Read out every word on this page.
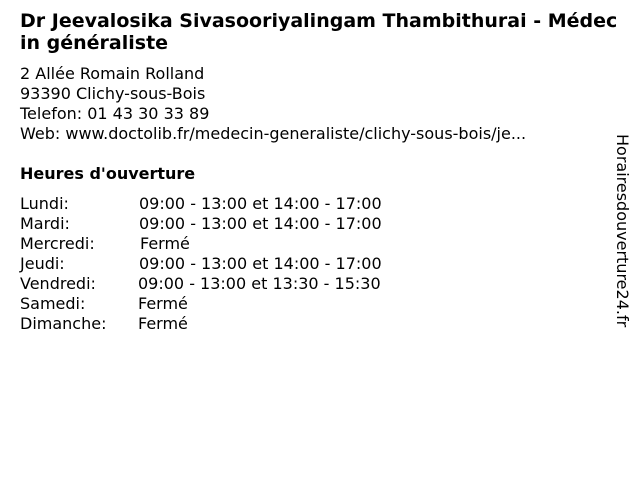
Dr Jeevalosika Sivasooriyalingam Thambithurai - Médecin généraliste
2 Allée Romain Rolland
93390 Clichy-sous-Bois
Telefon: 01 43 30 33 89
Web: www.doctolib.fr/medecin-generaliste/clichy-sous-bois/je...
Heures d'ouverture
Lundi:	09:00 - 13:00 et 14:00 - 17:00
Mardi:	09:00 - 13:00 et 14:00 - 17:00
Mercredi:	Fermé
Jeudi:	09:00 - 13:00 et 14:00 - 17:00
Vendredi:	09:00 - 13:00 et 13:30 - 15:30
Samedi:	Fermé
Dimanche: Fermé	Horairesdouverture24.fr
